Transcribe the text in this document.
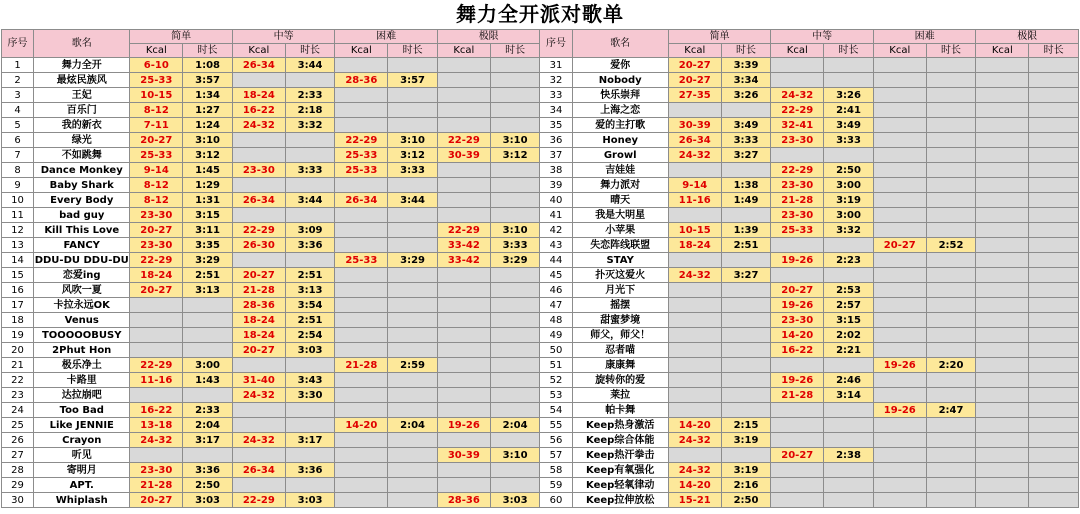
舞力全开派对歌单
序号	歌名	简单		中等		困难		极限		序号	歌名	简单		中等		困难		极限	
		Kcal	时长	Kcal	时长	Kcal	时长	Kcal	时长			Kcal	时长	Kcal	时长	Kcal	时长	Kcal	时长
1	舞力全开	6-10	1:08	26-34	3:44					31	爱你	20-27	3:39						
2	最炫民族风	25-33	3:57			28-36	3:57			32	Nobody	20-27	3:34						
3	王妃	10-15	1:34	18-24	2:33					33	快乐崇拜	27-35	3:26	24-32	3:26				
4	百乐门	8-12	1:27	16-22	2:18					34	上海之恋			22-29	2:41				
5	我的新衣	7-11	1:24	24-32	3:32					35	爱的主打歌	30-39	3:49	32-41	3:49				
6	绿光	20-27	3:10			22-29	3:10	22-29	3:10	36	Honey	26-34	3:33	23-30	3:33				
7	不如跳舞	25-33	3:12			25-33	3:12	30-39	3:12	37	Growl	24-32	3:27						
8	Dance Monkey	9-14	1:45	23-30	3:33	25-33	3:33			38	吉娃娃			22-29	2:50				
9	Baby Shark	8-12	1:29							39	舞力派对	9-14	1:38	23-30	3:00				
10	Every Body	8-12	1:31	26-34	3:44	26-34	3:44			40	晴天	11-16	1:49	21-28	3:19				
11	bad guy	23-30	3:15							41	我是大明星			23-30	3:00				
12	Kill This Love	20-27	3:11	22-29	3:09			22-29	3:10	42	小苹果	10-15	1:39	25-33	3:32				
13	FANCY	23-30	3:35	26-30	3:36			33-42	3:33	43	失恋阵线联盟	18-24	2:51			20-27	2:52		
14	DDU-DU DDU-DU	22-29	3:29			25-33	3:29	33-42	3:29	44	STAY			19-26	2:23				
15	恋爱ing	18-24	2:51	20-27	2:51					45	扑灭这爱火	24-32	3:27						
16	风吹一夏	20-27	3:13	21-28	3:13					46	月光下			20-27	2:53				
17	卡拉永远OK			28-36	3:54					47	摇摆			19-26	2:57				
18	Venus			18-24	2:51					48	甜蜜梦境			23-30	3:15				
19	TOOOOOBUSY			18-24	2:54					49	师父，师父！			14-20	2:02				
20	2Phut Hon			20-27	3:03					50	忍者喵			16-22	2:21				
21	极乐净土	22-29	3:00			21-28	2:59			51	康康舞					19-26	2:20		
22	卡路里	11-16	1:43	31-40	3:43					52	旋转你的爱			19-26	2:46				
23	达拉崩吧			24-32	3:30					53	莱拉			21-28	3:14				
24	Too Bad	16-22	2:33							54	帕卡舞					19-26	2:47		
25	Like JENNIE	13-18	2:04			14-20	2:04	19-26	2:04	55	Keep热身激活	14-20	2:15						
26	Crayon	24-32	3:17	24-32	3:17					56	Keep综合体能	24-32	3:19						
27	听见							30-39	3:10	57	Keep热汗拳击			20-27	2:38				
28	寄明月	23-30	3:36	26-34	3:36					58	Keep有氧强化	24-32	3:19						
29	APT.	21-28	2:50							59	Keep轻氧律动	14-20	2:16						
30	Whiplash	20-27	3:03	22-29	3:03			28-36	3:03	60	Keep拉伸放松	15-21	2:50						
